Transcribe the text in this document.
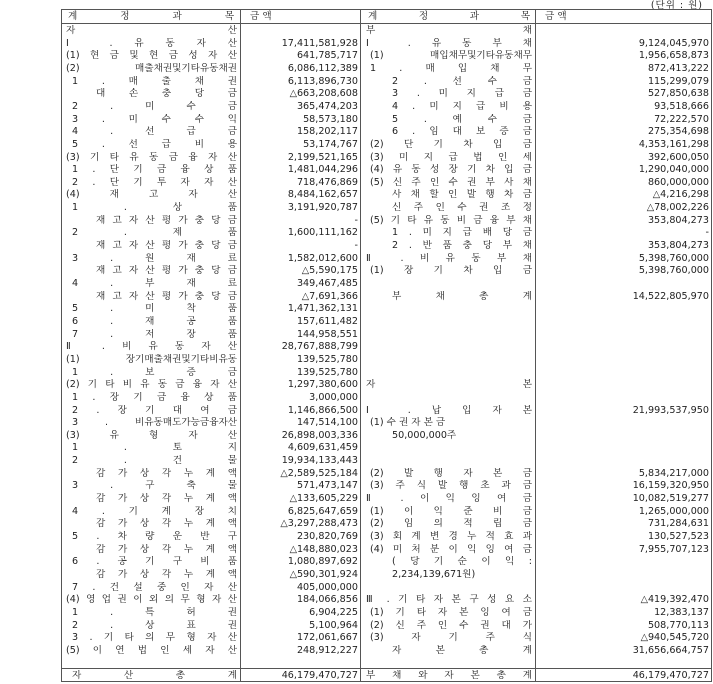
(단위 : 원)
계 정 과 목 금 액	계 정 과 목 금 액
자 산
Ⅰ . 유 동 자 산	17,411,581,928
(1) 현 금 및 현 금 성 자 산	641,785,717
(2) 매출채권및기타유동채권	6,086,112,389
1 . 매 출 채 권	6,113,896,730
대 손 충 당 금	△663,208,608
2 . 미 수 금	365,474,203
3 . 미 수 수 익	58,573,180
4 . 선 급 금	158,202,117
5 . 선 급 비 용	53,174,767
(3) 기 타 유 동 금 융 자 산	2,199,521,165
1 . 단 기 금 융 상 품	1,481,044,296
2 . 단 기 투 자 자 산	718,476,869
(4) 재 고 자 산	8,484,162,657
1 . 상 품	3,191,920,787
재 고 자 산 평 가 충 당 금	-
2 . 제 품	1,600,111,162
재 고 자 산 평 가 충 당 금	-
3 . 원 재 료	1,582,012,600
재 고 자 산 평 가 충 당 금	△5,590,175
4 . 부 재 료	349,467,485
재 고 자 산 평 가 충 당 금	△7,691,366
5 . 미 착 품	1,471,362,131
6 . 재 공 품	157,611,482
7 . 저 장 품	144,958,551
Ⅱ . 비 유 동 자 산	28,767,888,799
(1) 장기매출채권및기타비유동	139,525,780
1 . 보 증 금	139,525,780
(2) 기 타 비 유 동 금 융 자 산	1,297,380,600
1 . 장 기 금 융 상 품	3,000,000
2 . 장 기 대 여 금	1,146,866,500
3 . 비유동매도가능금융자산	147,514,100
(3) 유 형 자 산	26,898,003,336
1 . 토 지	4,609,631,459
2 . 건 물	19,934,133,443
감 가 상 각 누 계 액	△2,589,525,184
3 . 구 축 물	571,473,147
감 가 상 각 누 계 액	△133,605,229
4 . 기 계 장 치	6,825,647,659
감 가 상 각 누 계 액	△3,297,288,473
5 . 차 량 운 반 구	230,820,769
감 가 상 각 누 계 액	△148,880,023
6 . 공 기 구 비 품	1,080,897,692
감 가 상 각 누 계 액	△590,301,924
7 . 건 설 중 인 자 산	405,000,000
(4) 영 업 권 이 외 의 무 형 자 산	184,066,856
1 . 특 허 권	6,904,225
2 . 상 표 권	5,100,964
3 . 기 타 의 무 형 자 산	172,061,667
(5) 이 연 법 인 세 자 산	248,912,227
자 산 총 계	46,179,470,727
부 채
Ⅰ . 유 동 부 채	9,124,045,970
(1) 매입채무및기타유동채무	1,956,658,873
1 . 매 입 채 무	872,413,222
2 . 선 수 금	115,299,079
3 . 미 지 급 금	527,850,638
4 . 미 지 급 비 용	93,518,666
5 . 예 수 금	72,222,570
6 . 임 대 보 증 금	275,354,698
(2) 단 기 차 입 금	4,353,161,298
(3) 미 지 급 법 인 세	392,600,050
(4) 유 동 성 장 기 차 입 금	1,290,040,000
(5) 신 주 인 수 권 부 사 채	860,000,000
사 채 할 인 발 행 차 금	△4,216,298
신 주 인 수 권 조 정	△78,002,226
(5) 기 타 유 동 비 금 융 부 채	353,804,273
1 . 미 지 급 배 당 금	-
2 . 반 품 충 당 부 채	353,804,273
Ⅱ . 비 유 동 부 채	5,398,760,000
(1) 장 기 차 입 금	5,398,760,000
부 채 총 계	14,522,805,970
자 본
Ⅰ . 납 입 자 본	21,993,537,950
(1) 수 권 자 본 금
50,000,000주
(2) 발 행 자 본 금	5,834,217,000
(3) 주 식 발 행 초 과 금	16,159,320,950
Ⅱ . 이 익 잉 여 금	10,082,519,277
(1) 이 익 준 비 금	1,265,000,000
(2) 임 의 적 립 금	731,284,631
(3) 회 계 변 경 누 적 효 과	130,527,523
(4) 미 처 분 이 익 잉 여 금	7,955,707,123
( 당 기 순 이 익 :
2,234,139,671원)
Ⅲ . 기 타 자 본 구 성 요 소	△419,392,470
(1) 기 타 자 본 잉 여 금	12,383,137
(2) 신 주 인 수 권 대 가	508,770,113
(3) 자 기 주 식	△940,545,720
자 본 총 계	31,656,664,757
부 채 와 자 본 총 계	46,179,470,727
